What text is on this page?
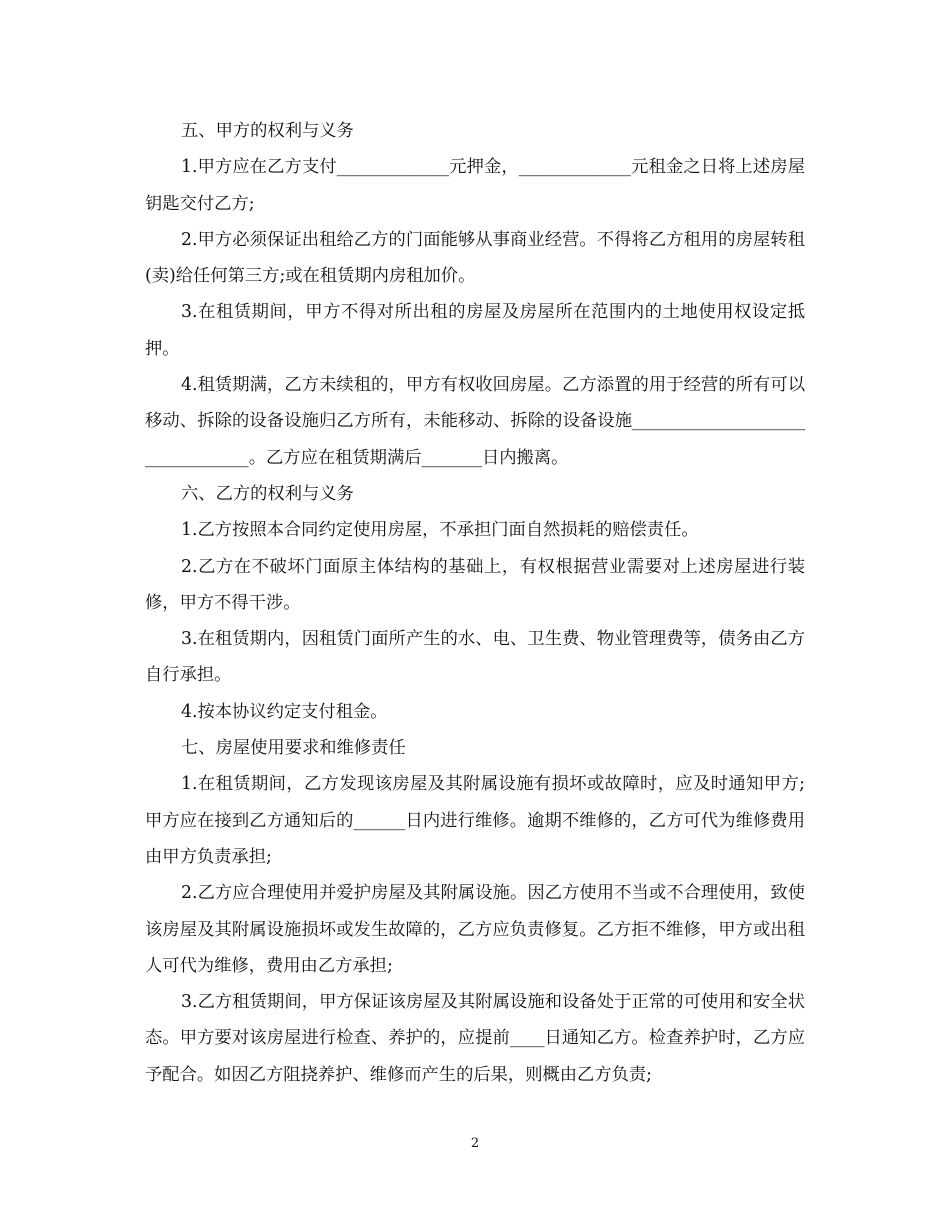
五、甲方的权利与义务

1.甲方应在乙方支付_____________元押金，_____________元租金之日将上述房屋钥匙交付乙方;

2.甲方必须保证出租给乙方的门面能够从事商业经营。不得将乙方租用的房屋转租(卖)给任何第三方;或在租赁期内房租加价。

3.在租赁期间，甲方不得对所出租的房屋及房屋所在范围内的土地使用权设定抵押。

4.租赁期满，乙方未续租的，甲方有权收回房屋。乙方添置的用于经营的所有可以移动、拆除的设备设施归乙方所有，未能移动、拆除的设备设施________________________________。乙方应在租赁期满后_______日内搬离。

六、乙方的权利与义务

1.乙方按照本合同约定使用房屋，不承担门面自然损耗的赔偿责任。

2.乙方在不破坏门面原主体结构的基础上，有权根据营业需要对上述房屋进行装修，甲方不得干涉。

3.在租赁期内，因租赁门面所产生的水、电、卫生费、物业管理费等，债务由乙方自行承担。

4.按本协议约定支付租金。

七、房屋使用要求和维修责任

1.在租赁期间，乙方发现该房屋及其附属设施有损坏或故障时，应及时通知甲方;甲方应在接到乙方通知后的______日内进行维修。逾期不维修的，乙方可代为维修费用由甲方负责承担;

2.乙方应合理使用并爱护房屋及其附属设施。因乙方使用不当或不合理使用，致使该房屋及其附属设施损坏或发生故障的，乙方应负责修复。乙方拒不维修，甲方或出租人可代为维修，费用由乙方承担;

3.乙方租赁期间，甲方保证该房屋及其附属设施和设备处于正常的可使用和安全状态。甲方要对该房屋进行检查、养护的，应提前____日通知乙方。检查养护时，乙方应予配合。如因乙方阻挠养护、维修而产生的后果，则概由乙方负责;

2
